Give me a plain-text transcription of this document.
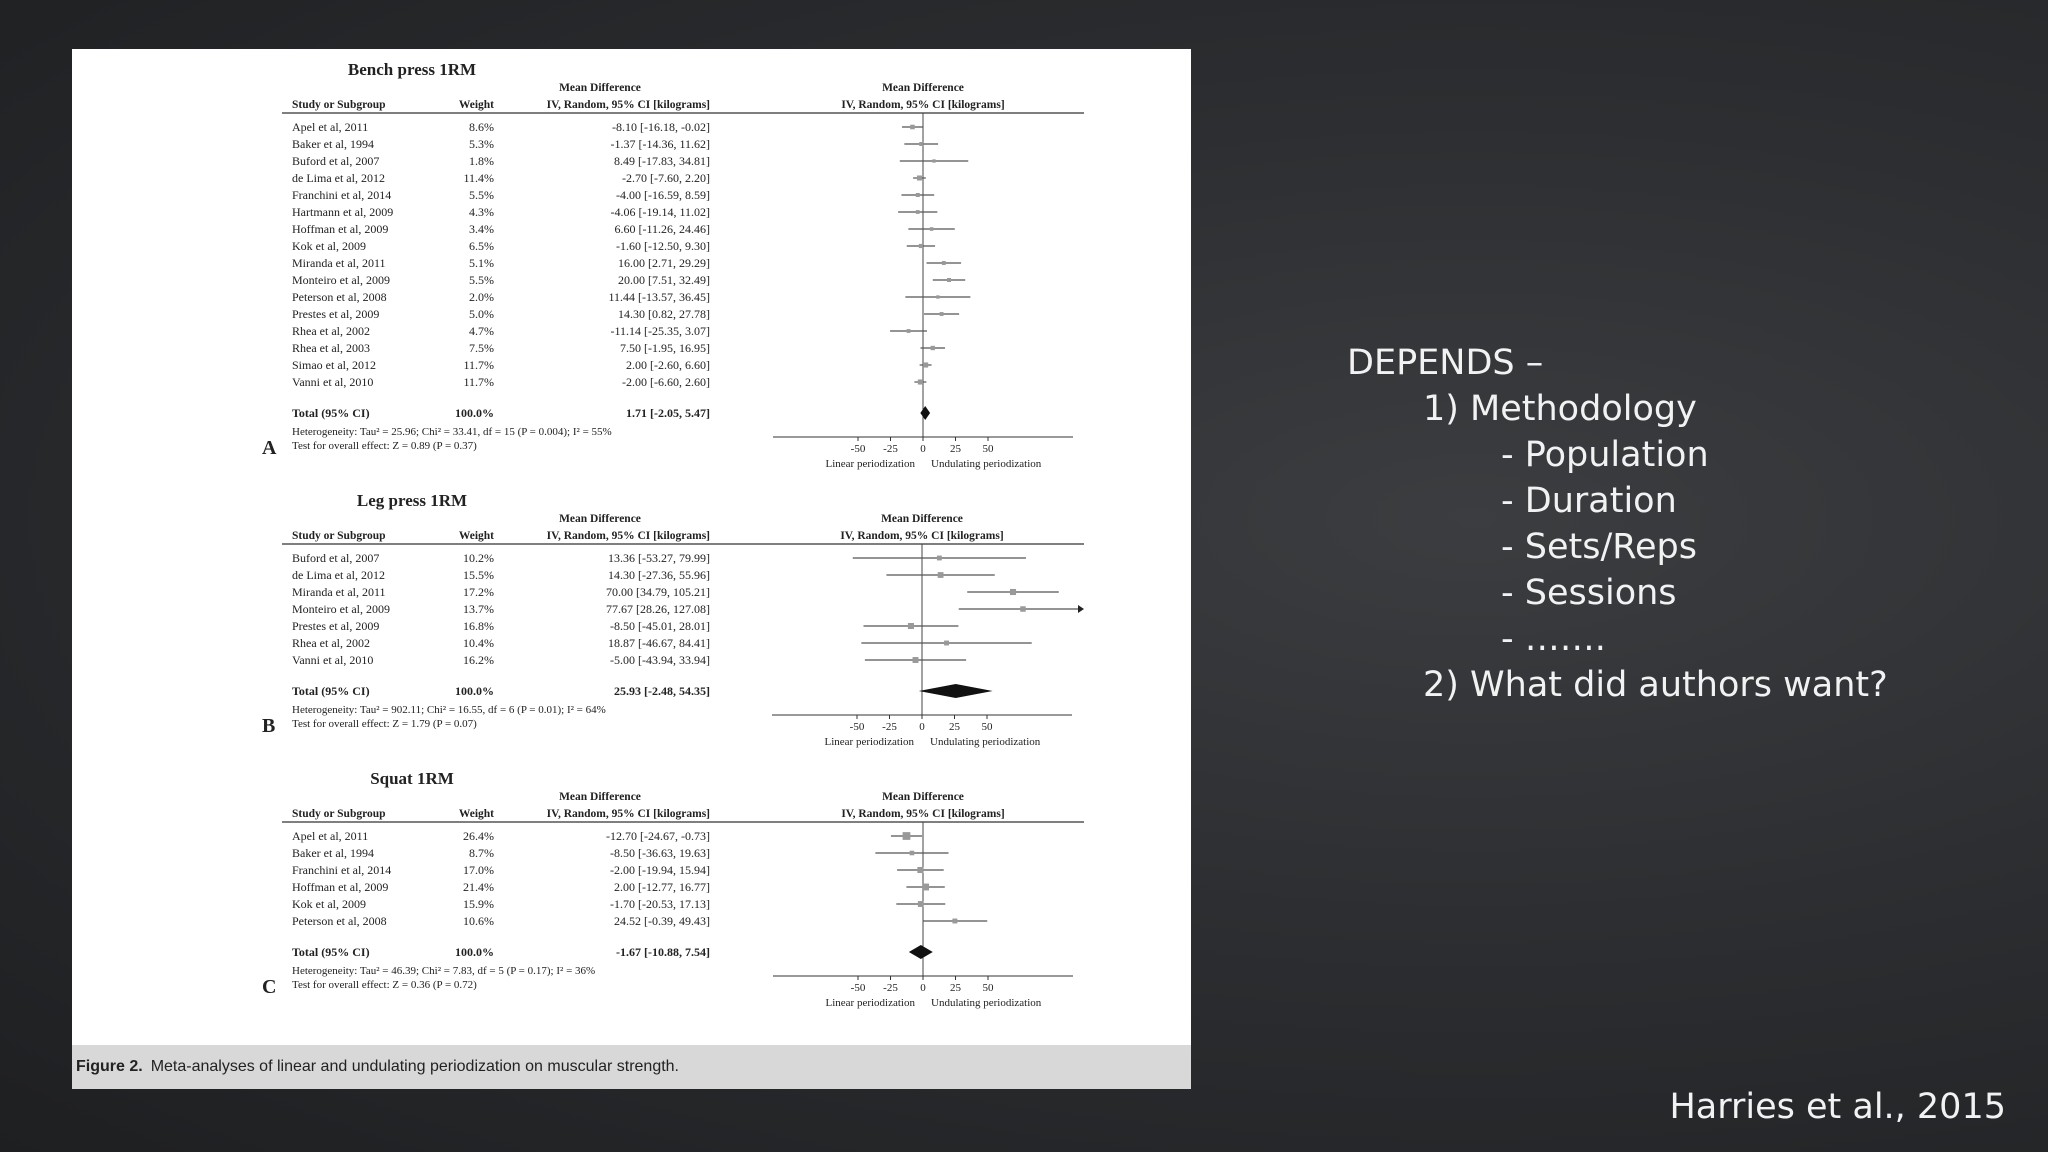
Bench press 1RM
Mean Difference	Mean Difference
Study or Subgroup	Weight	IV, Random, 95% CI [kilograms]	IV, Random, 95% CI [kilograms]
Apel et al, 2011	8.6%	-8.10 [-16.18, -0.02]
Baker et al, 1994	5.3%	-1.37 [-14.36, 11.62]
Buford et al, 2007	1.8%	8.49 [-17.83, 34.81]
de Lima et al, 2012	11.4%	-2.70 [-7.60, 2.20]
Franchini et al, 2014	5.5%	-4.00 [-16.59, 8.59]
Hartmann et al, 2009	4.3%	-4.06 [-19.14, 11.02]
Hoffman et al, 2009	3.4%	6.60 [-11.26, 24.46]
Kok et al, 2009	6.5%	-1.60 [-12.50, 9.30]
Miranda et al, 2011	5.1%	16.00 [2.71, 29.29]
Monteiro et al, 2009	5.5%	20.00 [7.51, 32.49]
Peterson et al, 2008	2.0%	11.44 [-13.57, 36.45]
Prestes et al, 2009	5.0%	14.30 [0.82, 27.78]
Rhea et al, 2002	4.7%	-11.14 [-25.35, 3.07]
Rhea et al, 2003	7.5%	7.50 [-1.95, 16.95]
Simao et al, 2012	11.7%	2.00 [-2.60, 6.60]
Vanni et al, 2010	11.7%	-2.00 [-6.60, 2.60]
Total (95% CI)	100.0%	1.71 [-2.05, 5.47]
Heterogeneity: Tau² = 25.96; Chi² = 33.41, df = 15 (P = 0.004); I² = 55%
Test for overall effect: Z = 0.89 (P = 0.37)
A	-50 -25 0 25 50
Linear periodization Undulating periodization
Leg press 1RM
Mean Difference	Mean Difference
Study or Subgroup	Weight	IV, Random, 95% CI [kilograms]	IV, Random, 95% CI [kilograms]
Buford et al, 2007	10.2%	13.36 [-53.27, 79.99]
de Lima et al, 2012	15.5%	14.30 [-27.36, 55.96]
Miranda et al, 2011	17.2%	70.00 [34.79, 105.21]
Monteiro et al, 2009	13.7%	77.67 [28.26, 127.08]
Prestes et al, 2009	16.8%	-8.50 [-45.01, 28.01]
Rhea et al, 2002	10.4%	18.87 [-46.67, 84.41]
Vanni et al, 2010	16.2%	-5.00 [-43.94, 33.94]
Total (95% CI)	100.0%	25.93 [-2.48, 54.35]
Heterogeneity: Tau² = 902.11; Chi² = 16.55, df = 6 (P = 0.01); I² = 64%
Test for overall effect: Z = 1.79 (P = 0.07)
B	-50 -25 0 25 50
Linear periodization Undulating periodization
Squat 1RM
Mean Difference	Mean Difference
Study or Subgroup	Weight	IV, Random, 95% CI [kilograms]	IV, Random, 95% CI [kilograms]
Apel et al, 2011	26.4%	-12.70 [-24.67, -0.73]
Baker et al, 1994	8.7%	-8.50 [-36.63, 19.63]
Franchini et al, 2014	17.0%	-2.00 [-19.94, 15.94]
Hoffman et al, 2009	21.4%	2.00 [-12.77, 16.77]
Kok et al, 2009	15.9%	-1.70 [-20.53, 17.13]
Peterson et al, 2008	10.6%	24.52 [-0.39, 49.43]
Total (95% CI)	100.0%	-1.67 [-10.88, 7.54]
Heterogeneity: Tau² = 46.39; Chi² = 7.83, df = 5 (P = 0.17); I² = 36%
Test for overall effect: Z = 0.36 (P = 0.72)
C	-50 -25 0 25 50
Linear periodization Undulating periodization
Figure 2. Meta-analyses of linear and undulating periodization on muscular strength.
DEPENDS –
1) Methodology
- Population
- Duration
- Sets/Reps
- Sessions
- …….
2) What did authors want?
Harries et al., 2015
